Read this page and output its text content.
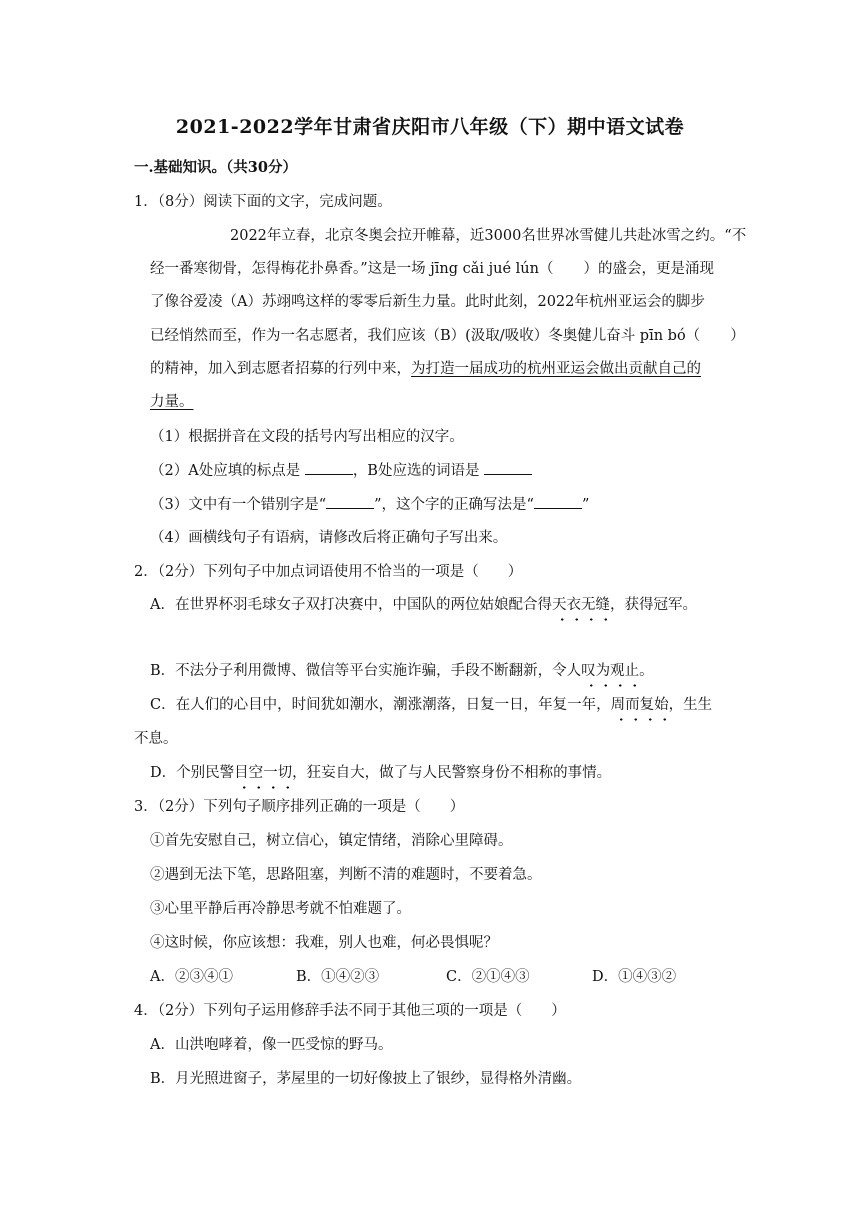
2021-2022学年甘肃省庆阳市八年级（下）期中语文试卷
一.基础知识。（共30分）
1．（8分）阅读下面的文字，完成问题。
2022年立春，北京冬奥会拉开帷幕，近3000名世界冰雪健儿共赴冰雪之约。“不
经一番寒彻骨，怎得梅花扑鼻香。”这是一场 jīng cǎi jué lún（ ）的盛会，更是涌现
了像谷爱凌（A）苏翊鸣这样的零零后新生力量。此时此刻，2022年杭州亚运会的脚步
已经悄然而至，作为一名志愿者，我们应该（B）(汲取/吸收）冬奥健儿奋斗 pīn bó（ ）
的精神，加入到志愿者招募的行列中来，为打造一届成功的杭州亚运会做出贡献自己的
力量。
（1）根据拼音在文段的括号内写出相应的汉字。
（2）A处应填的标点是	，B处应选的词语是
（3）文中有一个错别字是“	”，这个字的正确写法是“	”
（4）画横线句子有语病，请修改后将正确句子写出来。
2．（2分）下列句子中加点词语使用不恰当的一项是（　　）
A．在世界杯羽毛球女子双打决赛中，中国队的两位姑娘配合得天衣无缝，获得冠军。
B．不法分子利用微博、微信等平台实施诈骗，手段不断翻新，令人叹为观止。
C．在人们的心目中，时间犹如潮水，潮涨潮落，日复一日，年复一年，周而复始，生生
不息。
D．个别民警目空一切，狂妄自大，做了与人民警察身份不相称的事情。
3．（2分）下列句子顺序排列正确的一项是（　　）
①首先安慰自己，树立信心，镇定情绪，消除心里障碍。
②遇到无法下笔，思路阻塞，判断不清的难题时，不要着急。
③心里平静后再冷静思考就不怕难题了。
④这时候，你应该想：我难，别人也难，何必畏惧呢？
A．②③④①	B．①④②③	C．②①④③	D．①④③②
4．（2分）下列句子运用修辞手法不同于其他三项的一项是（　　）
A．山洪咆哮着，像一匹受惊的野马。
B．月光照进窗子，茅屋里的一切好像披上了银纱，显得格外清幽。
